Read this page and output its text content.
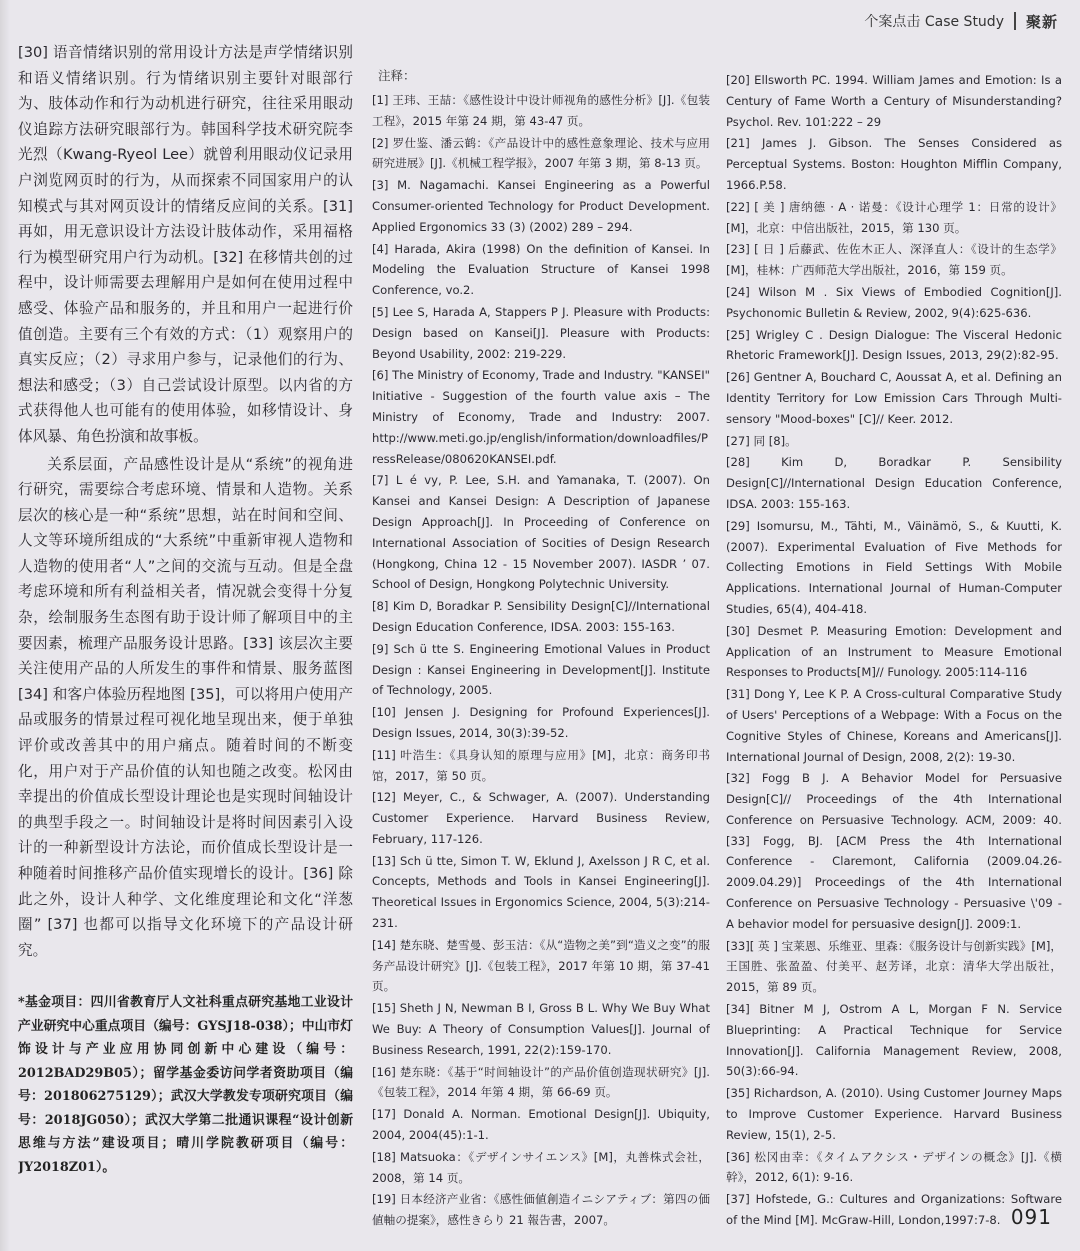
个案点击 Case Study 聚新

[30] 语音情绪识别的常用设计方法是声学情绪识别和语义情绪识别。行为情绪识别主要针对眼部行为、肢体动作和行为动机进行研究，往往采用眼动仪追踪方法研究眼部行为。韩国科学技术研究院李光烈（Kwang-Ryeol Lee）就曾利用眼动仪记录用户浏览网页时的行为，从而探索不同国家用户的认知模式与其对网页设计的情绪反应间的关系。[31] 再如，用无意识设计方法设计肢体动作，采用福格行为模型研究用户行为动机。[32] 在移情共创的过程中，设计师需要去理解用户是如何在使用过程中感受、体验产品和服务的，并且和用户一起进行价值创造。主要有三个有效的方式：（1）观察用户的真实反应；（2）寻求用户参与，记录他们的行为、想法和感受；（3）自己尝试设计原型。以内省的方式获得他人也可能有的使用体验，如移情设计、身体风暴、角色扮演和故事板。

关系层面，产品感性设计是从“系统”的视角进行研究，需要综合考虑环境、情景和人造物。关系层次的核心是一种“系统”思想，站在时间和空间、人文等环境所组成的“大系统”中重新审视人造物和人造物的使用者“人”之间的交流与互动。但是全盘考虑环境和所有利益相关者，情况就会变得十分复杂，绘制服务生态图有助于设计师了解项目中的主要因素，梳理产品服务设计思路。[33] 该层次主要关注使用产品的人所发生的事件和情景、服务蓝图 [34] 和客户体验历程地图 [35]，可以将用户使用产品或服务的情景过程可视化地呈现出来，便于单独评价或改善其中的用户痛点。随着时间的不断变化，用户对于产品价值的认知也随之改变。松冈由幸提出的价值成长型设计理论也是实现时间轴设计的典型手段之一。时间轴设计是将时间因素引入设计的一种新型设计方法论，而价值成长型设计是一种随着时间推移产品价值实现增长的设计。[36] 除此之外，设计人种学、文化维度理论和文化“洋葱圈” [37] 也都可以指导文化环境下的产品设计研究。

*基金项目：四川省教育厅人文社科重点研究基地工业设计产业研究中心重点项目（编号：GYSJ18-038）；中山市灯饰设计与产业应用协同创新中心建设（编号：2012BAD29B05）；留学基金委访问学者资助项目（编号：201806275129）；武汉大学教发专项研究项目（编号：2018JG050）；武汉大学第二批通识课程“设计创新思维与方法”建设项目；晴川学院教研项目（编号：JY2018Z01）。
注释：
[1] 王玮、王喆：《感性设计中设计师视角的感性分析》[J].《包装工程》，2015 年第 24 期，第 43-47 页。
[2] 罗仕鉴、潘云鹤：《产品设计中的感性意象理论、技术与应用研究进展》[J].《机械工程学报》，2007 年第 3 期，第 8-13 页。
[3] M. Nagamachi. Kansei Engineering as a Powerful Consumer-oriented Technology for Product Development. Applied Ergonomics 33 (3) (2002) 289 – 294.
[4] Harada, Akira (1998) On the definition of Kansei. In Modeling the Evaluation Structure of Kansei 1998 Conference, vo.2.
[5] Lee S, Harada A, Stappers P J. Pleasure with Products: Design based on Kansei[J]. Pleasure with Products: Beyond Usability, 2002: 219-229.
[6] The Ministry of Economy, Trade and Industry. "KANSEI" Initiative - Suggestion of the fourth value axis – The Ministry of Economy, Trade and Industry: 2007. http://www.meti.go.jp/english/information/downloadfiles/PressRelease/080620KANSEI.pdf.
[7] L é vy, P. Lee, S.H. and Yamanaka, T. (2007). On Kansei and Kansei Design: A Description of Japanese Design Approach[J]. In Proceeding of Conference on International Association of Socities of Design Research (Hongkong, China 12 - 15 November 2007). IASDR ’ 07. School of Design, Hongkong Polytechnic University.
[8] Kim D, Boradkar P. Sensibility Design[C]//International Design Education Conference, IDSA. 2003: 155-163.
[9] Sch ü tte S. Engineering Emotional Values in Product Design : Kansei Engineering in Development[J]. Institute of Technology, 2005.
[10] Jensen J. Designing for Profound Experiences[J]. Design Issues, 2014, 30(3):39-52.
[11] 叶浩生：《具身认知的原理与应用》[M]，北京：商务印书馆，2017，第 50 页。
[12] Meyer, C., & Schwager, A. (2007). Understanding Customer Experience. Harvard Business Review, February, 117-126.
[13] Sch ü tte, Simon T. W, Eklund J, Axelsson J R C, et al. Concepts, Methods and Tools in Kansei Engineering[J]. Theoretical Issues in Ergonomics Science, 2004, 5(3):214-231.
[14] 楚东晓、楚雪曼、彭玉洁：《从“造物之美”到“造义之变”的服务产品设计研究》[J].《包装工程》，2017 年第 10 期，第 37-41 页。
[15] Sheth J N, Newman B I, Gross B L. Why We Buy What We Buy: A Theory of Consumption Values[J]. Journal of Business Research, 1991, 22(2):159-170.
[16] 楚东晓：《基于“时间轴设计”的产品价值创造现状研究》[J].《包装工程》，2014 年第 4 期，第 66-69 页。
[17] Donald A. Norman. Emotional Design[J]. Ubiquity, 2004, 2004(45):1-1.
[18] Matsuoka：《デザインサイエンス》[M]，丸善株式会社，2008，第 14 页。
[19] 日本经济产业省：《感性価値創造イニシアティブ：第四の価値軸の提案》，感性きらり 21 報告書，2007。
[20] Ellsworth PC. 1994. William James and Emotion: Is a Century of Fame Worth a Century of Misunderstanding? Psychol. Rev. 101:222 – 29
[21] James J. Gibson. The Senses Considered as Perceptual Systems. Boston: Houghton Mifflin Company, 1966.P.58.
[22] [ 美 ] 唐纳德 · A · 诺曼：《设计心理学 1：日常的设计》[M]，北京：中信出版社，2015，第 130 页。
[23] [ 日 ] 后藤武、佐佐木正人、深泽直人：《设计的生态学》[M]，桂林：广西师范大学出版社，2016，第 159 页。
[24] Wilson M . Six Views of Embodied Cognition[J]. Psychonomic Bulletin & Review, 2002, 9(4):625-636.
[25] Wrigley C . Design Dialogue: The Visceral Hedonic Rhetoric Framework[J]. Design Issues, 2013, 29(2):82-95.
[26] Gentner A, Bouchard C, Aoussat A, et al. Defining an Identity Territory for Low Emission Cars Through Multi-sensory "Mood-boxes" [C]// Keer. 2012.
[27] 同 [8]。
[28] Kim D, Boradkar P. Sensibility Design[C]//International Design Education Conference, IDSA. 2003: 155-163.
[29] Isomursu, M., Tähti, M., Väinämö, S., & Kuutti, K. (2007). Experimental Evaluation of Five Methods for Collecting Emotions in Field Settings With Mobile Applications. International Journal of Human-Computer Studies, 65(4), 404-418.
[30] Desmet P. Measuring Emotion: Development and Application of an Instrument to Measure Emotional Responses to Products[M]// Funology. 2005:114-116
[31] Dong Y, Lee K P. A Cross-cultural Comparative Study of Users' Perceptions of a Webpage: With a Focus on the Cognitive Styles of Chinese, Koreans and Americans[J]. International Journal of Design, 2008, 2(2): 19-30.
[32] Fogg B J. A Behavior Model for Persuasive Design[C]// Proceedings of the 4th International Conference on Persuasive Technology. ACM, 2009: 40.[33] Fogg, BJ. [ACM Press the 4th International Conference - Claremont, California (2009.04.26-2009.04.29)] Proceedings of the 4th International Conference on Persuasive Technology - Persuasive \'09 - A behavior model for persuasive design[J]. 2009:1.
[33][ 英 ] 宝莱恩、乐维亚、里森：《服务设计与创新实践》[M]，王国胜、张盈盈、付美平、赵芳译，北京：清华大学出版社，2015，第 89 页。
[34] Bitner M J, Ostrom A L, Morgan F N. Service Blueprinting: A Practical Technique for Service Innovation[J]. California Management Review, 2008, 50(3):66-94.
[35] Richardson, A. (2010). Using Customer Journey Maps to Improve Customer Experience. Harvard Business Review, 15(1), 2-5.
[36] 松冈由幸：《タイムアクシス・デザインの概念》[J].《横幹》，2012, 6(1): 9-16.
[37] Hofstede, G.: Cultures and Organizations: Software of the Mind [M]. McGraw-Hill, London,1997:7-8. 091
